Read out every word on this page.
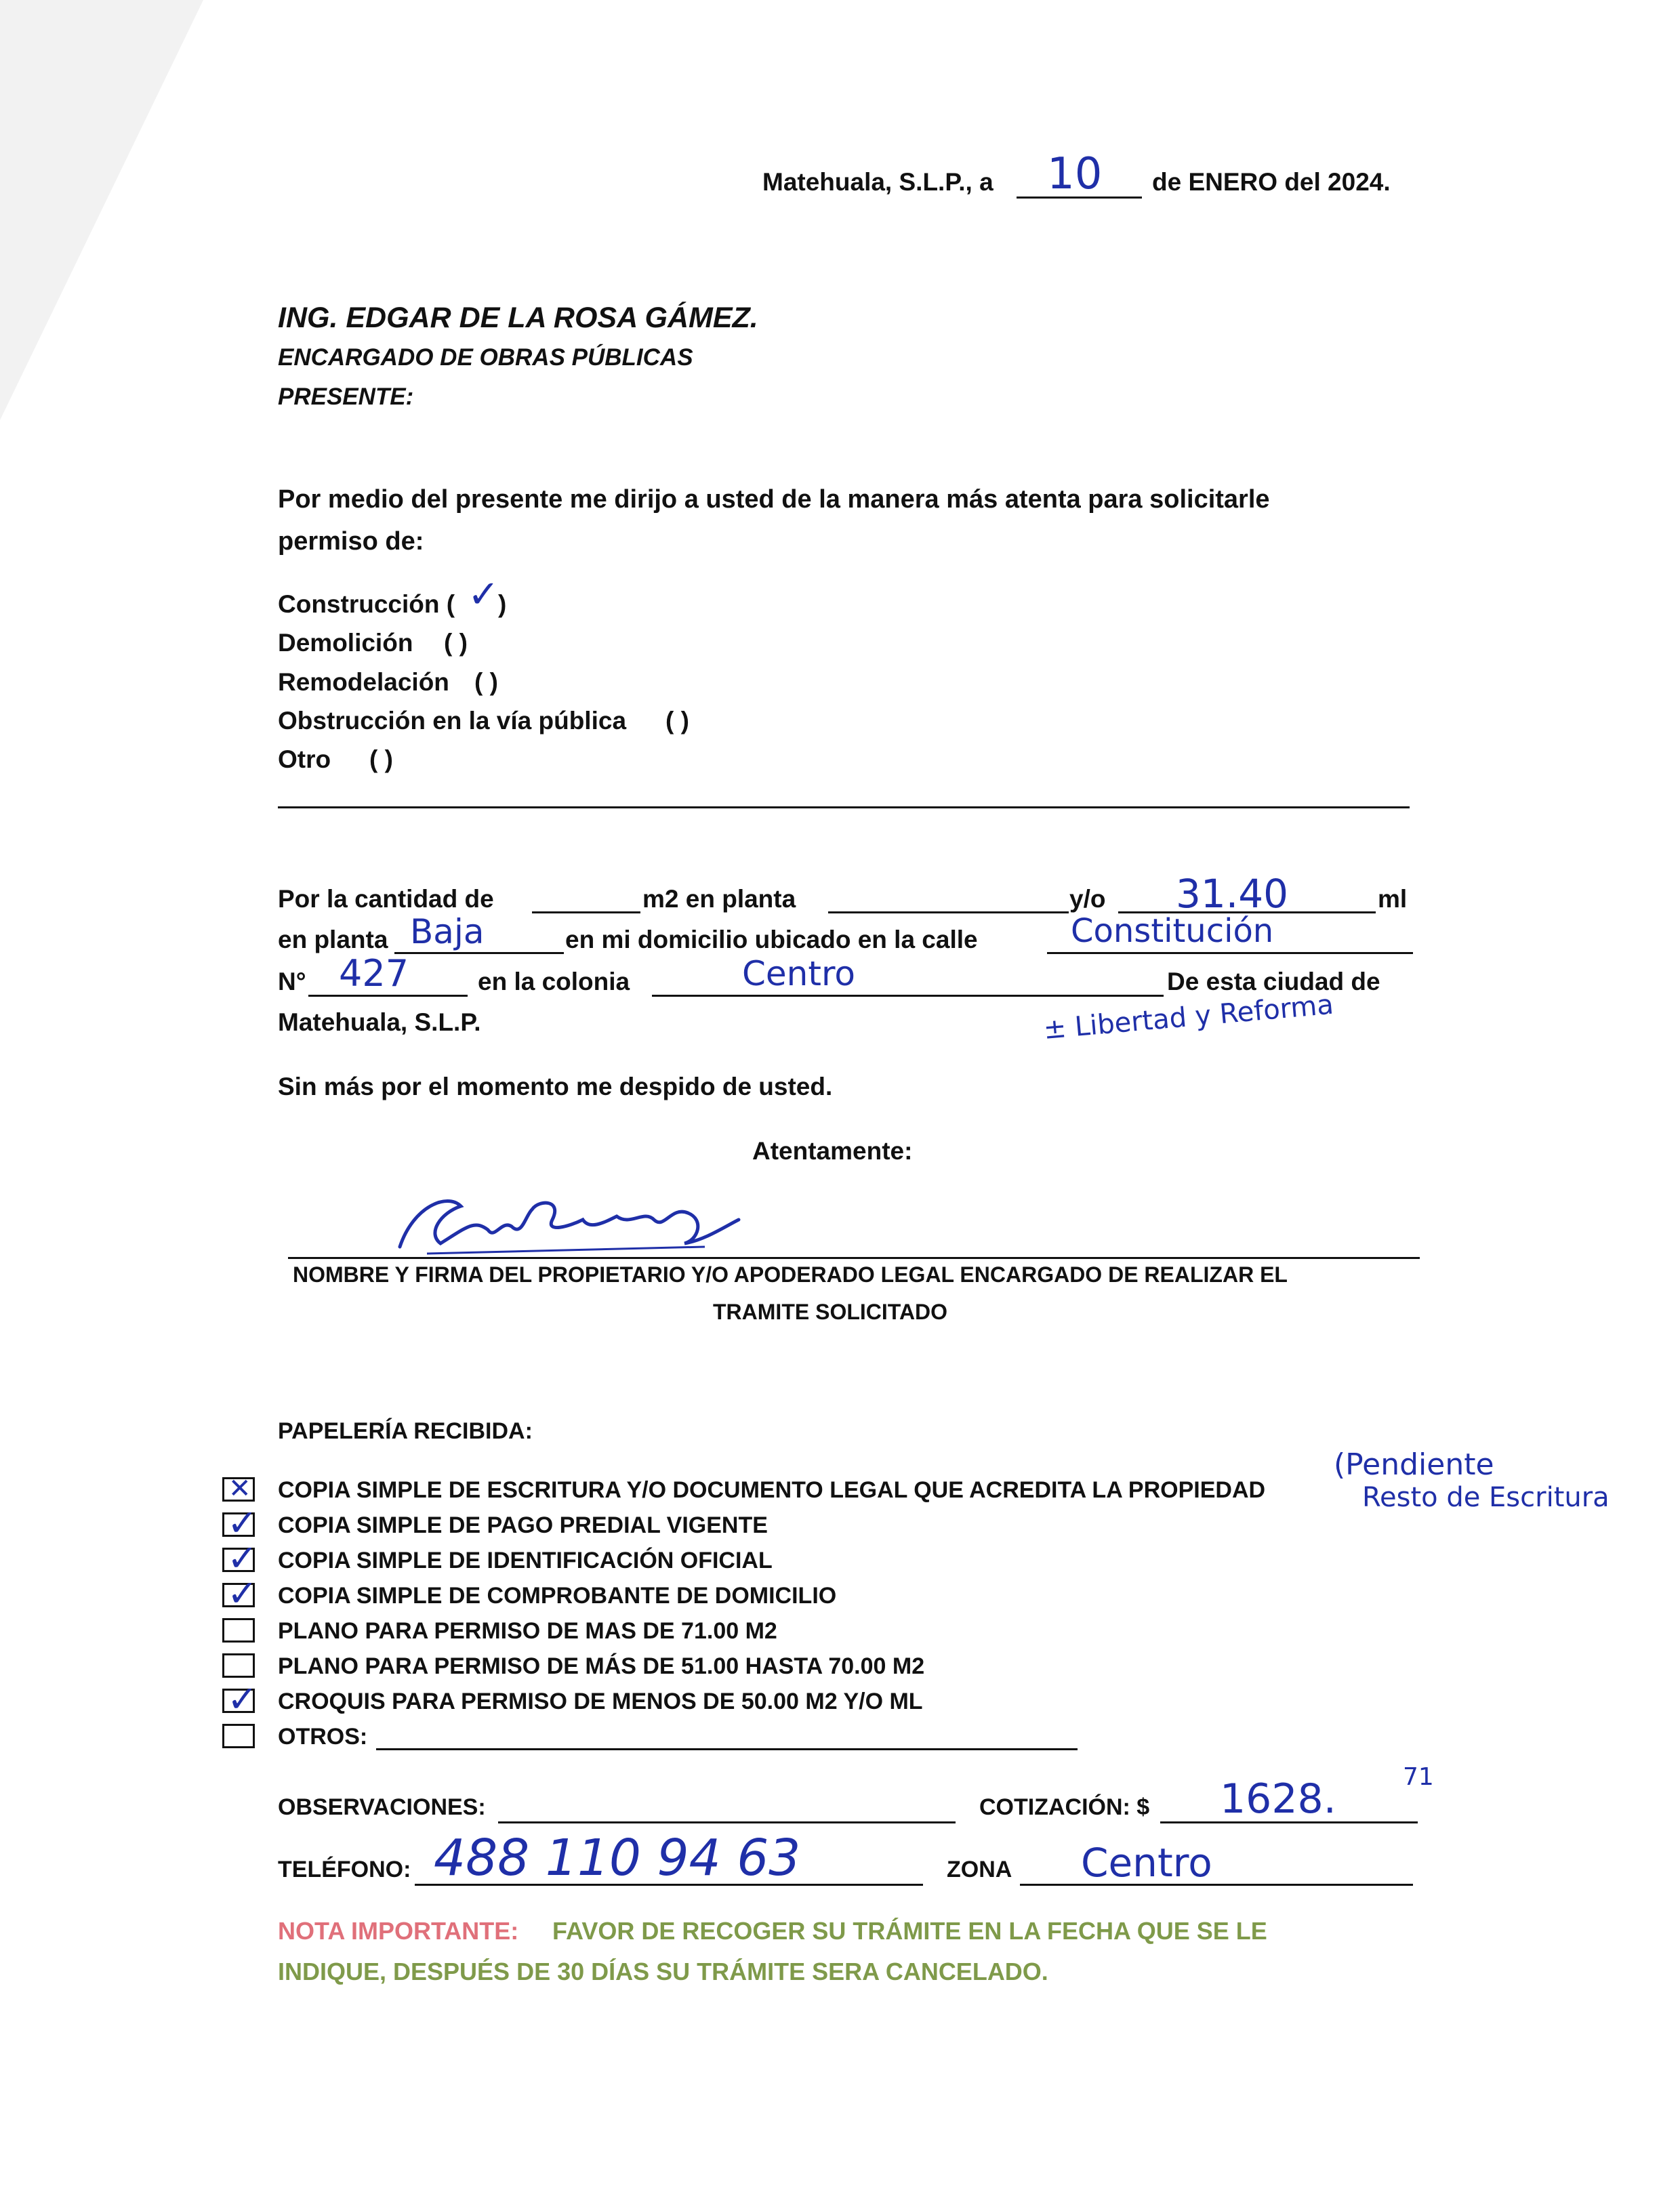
Matehuala, S.L.P., a 10 de ENERO del 2024.
ING. EDGAR DE LA ROSA GÁMEZ.
ENCARGADO DE OBRAS PÚBLICAS
PRESENTE:
Por medio del presente me dirijo a usted de la manera más atenta para solicitarle
permiso de:
Construcción ( ✓
)
Demolición ( )
Remodelación ( )
Obstrucción en la vía pública ( )
Otro ( )
Por la cantidad de	m2 en planta	y/o 31.40	ml
en planta Baja	en mi domicilio ubicado en la calle	Constitución
N° 427	en la colonia	Centro	De esta ciudad de
Matehuala, S.L.P.	± Libertad y Reforma
Sin más por el momento me despido de usted.
Atentamente:
NOMBRE Y FIRMA DEL PROPIETARIO Y/O APODERADO LEGAL ENCARGADO DE REALIZAR EL
TRAMITE SOLICITADO
PAPELERÍA RECIBIDA:
✕ COPIA SIMPLE DE ESCRITURA Y/O DOCUMENTO LEGAL QUE ACREDITA LA PROPIEDAD
✓ COPIA SIMPLE DE PAGO PREDIAL VIGENTE
✓ COPIA SIMPLE DE IDENTIFICACIÓN OFICIAL
✓ COPIA SIMPLE DE COMPROBANTE DE DOMICILIO
PLANO PARA PERMISO DE MAS DE 71.00 M2
PLANO PARA PERMISO DE MÁS DE 51.00 HASTA 70.00 M2
✓ CROQUIS PARA PERMISO DE MENOS DE 50.00 M2 Y/O ML
OTROS:
(Pendiente
Resto de Escritura
OBSERVACIONES:	COTIZACIÓN: $ 1628.	71
TELÉFONO: 488 110 94 63	ZONA Centro
NOTA IMPORTANTE: FAVOR DE RECOGER SU TRÁMITE EN LA FECHA QUE SE LE
INDIQUE, DESPUÉS DE 30 DÍAS SU TRÁMITE SERA CANCELADO.
